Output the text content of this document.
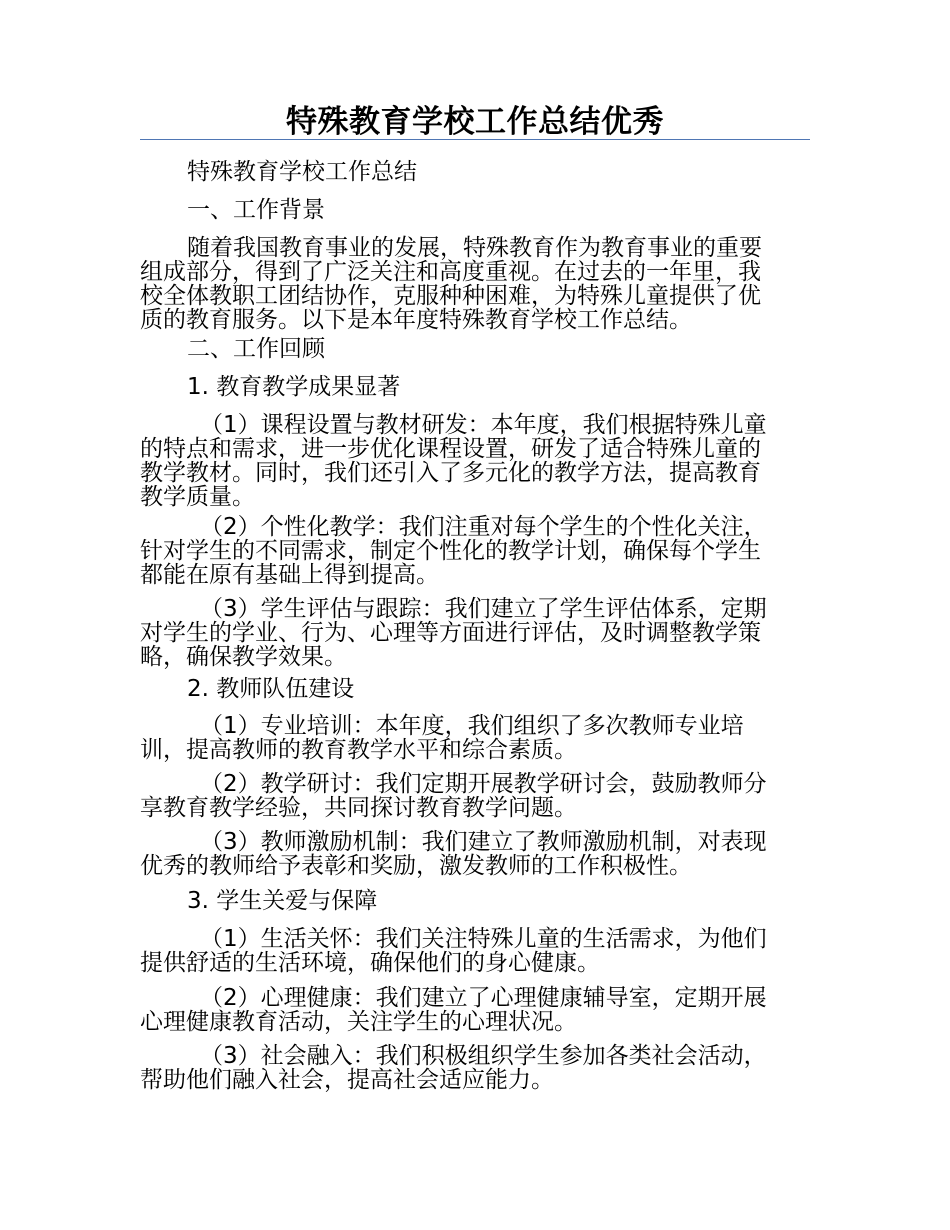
特殊教育学校工作总结优秀
特殊教育学校工作总结
一、工作背景
随着我国教育事业的发展，特殊教育作为教育事业的重要
组成部分，得到了广泛关注和高度重视。在过去的一年里，我
校全体教职工团结协作，克服种种困难，为特殊儿童提供了优
质的教育服务。以下是本年度特殊教育学校工作总结。
二、工作回顾
1. 教育教学成果显著
（1）课程设置与教材研发：本年度，我们根据特殊儿童
的特点和需求，进一步优化课程设置，研发了适合特殊儿童的
教学教材。同时，我们还引入了多元化的教学方法，提高教育
教学质量。
（2）个性化教学：我们注重对每个学生的个性化关注，
针对学生的不同需求，制定个性化的教学计划，确保每个学生
都能在原有基础上得到提高。
（3）学生评估与跟踪：我们建立了学生评估体系，定期
对学生的学业、行为、心理等方面进行评估，及时调整教学策
略，确保教学效果。
2. 教师队伍建设
（1）专业培训：本年度，我们组织了多次教师专业培
训，提高教师的教育教学水平和综合素质。
（2）教学研讨：我们定期开展教学研讨会，鼓励教师分
享教育教学经验，共同探讨教育教学问题。
（3）教师激励机制：我们建立了教师激励机制，对表现
优秀的教师给予表彰和奖励，激发教师的工作积极性。
3. 学生关爱与保障
（1）生活关怀：我们关注特殊儿童的生活需求，为他们
提供舒适的生活环境，确保他们的身心健康。
（2）心理健康：我们建立了心理健康辅导室，定期开展
心理健康教育活动，关注学生的心理状况。
（3）社会融入：我们积极组织学生参加各类社会活动，
帮助他们融入社会，提高社会适应能力。
